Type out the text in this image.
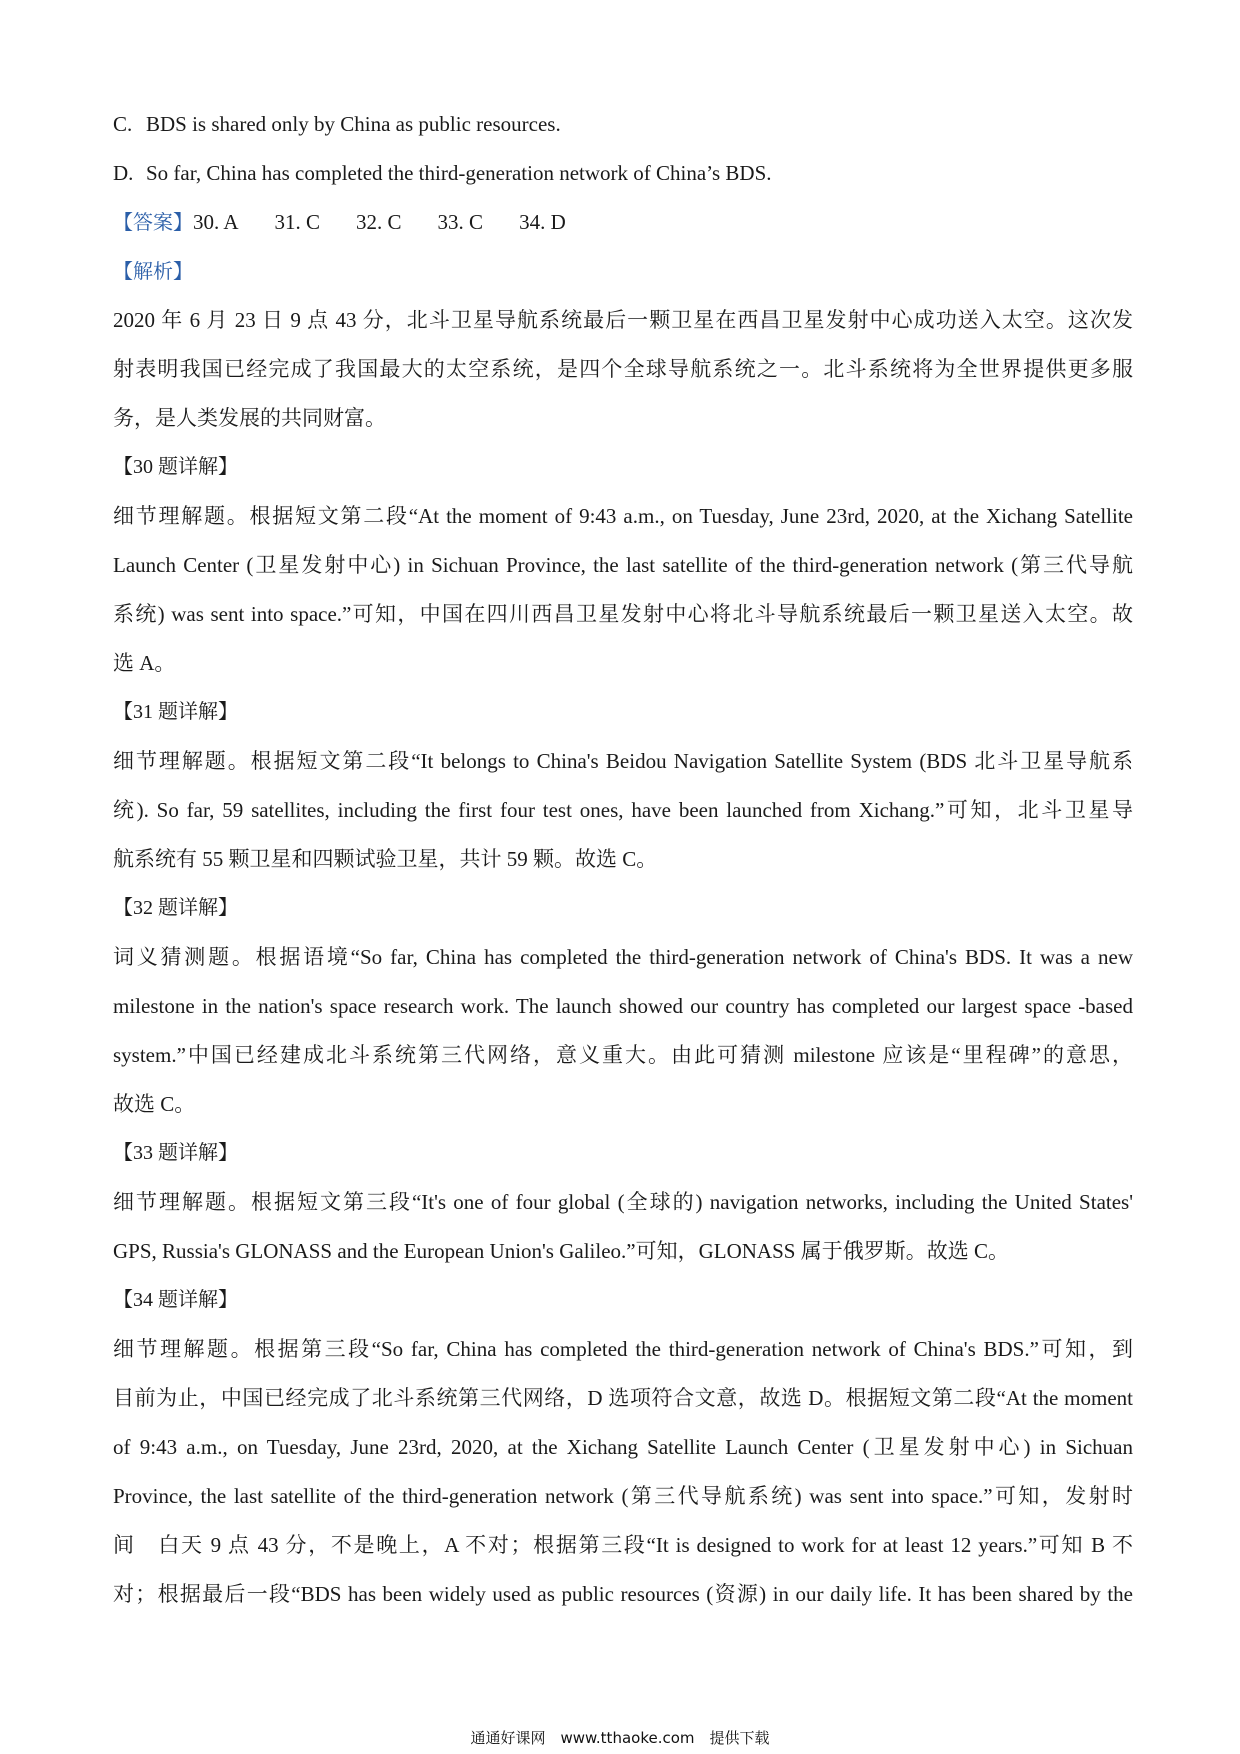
C. BDS is shared only by China as public resources.
D. So far, China has completed the third-generation network of China’s BDS.
【答案】30. A 31. C 32. C 33. C 34. D
【解析】
2020 年 6 月 23 日 9 点 43 分，北斗卫星导航系统最后一颗卫星在西昌卫星发射中心成功送入太空。这次发
射表明我国已经完成了我国最大的太空系统，是四个全球导航系统之一。北斗系统将为全世界提供更多服
务，是人类发展的共同财富。
【30 题详解】
细节理解题。根据短文第二段“At the moment of 9:43 a.m., on Tuesday, June 23rd, 2020, at the Xichang Satellite
Launch Center (卫星发射中心) in Sichuan Province, the last satellite of the third-generation network (第三代导航
系统) was sent into space.”可知，中国在四川西昌卫星发射中心将北斗导航系统最后一颗卫星送入太空。故
选 A。
【31 题详解】
细节理解题。根据短文第二段“It belongs to China's Beidou Navigation Satellite System (BDS 北斗卫星导航系
统). So far, 59 satellites, including the first four test ones, have been launched from Xichang.”可知，北斗卫星导
航系统有 55 颗卫星和四颗试验卫星，共计 59 颗。故选 C。
【32 题详解】
词义猜测题。根据语境“So far, China has completed the third-generation network of China's BDS. It was a new
milestone in the nation's space research work. The launch showed our country has completed our largest space -based
system.”中国已经建成北斗系统第三代网络，意义重大。由此可猜测 milestone 应该是“里程碑”的意思，
故选 C。
【33 题详解】
细节理解题。根据短文第三段“It's one of four global (全球的) navigation networks, including the United States'
GPS, Russia's GLONASS and the European Union's Galileo.”可知，GLONASS 属于俄罗斯。故选 C。
【34 题详解】
细节理解题。根据第三段“So far, China has completed the third-generation network of China's BDS.”可知，到
目前为止，中国已经完成了北斗系统第三代网络，D 选项符合文意，故选 D。根据短文第二段“At the moment
of 9:43 a.m., on Tuesday, June 23rd, 2020, at the Xichang Satellite Launch Center (卫星发射中心) in Sichuan
Province, the last satellite of the third-generation network (第三代导航系统) was sent into space.”可知，发射时
间　白天 9 点 43 分，不是晚上，A 不对；根据第三段“It is designed to work for at least 12 years.”可知 B 不
对；根据最后一段“BDS has been widely used as public resources (资源) in our daily life. It has been shared by the
通通好课网　www.tthaoke.com　提供下载
